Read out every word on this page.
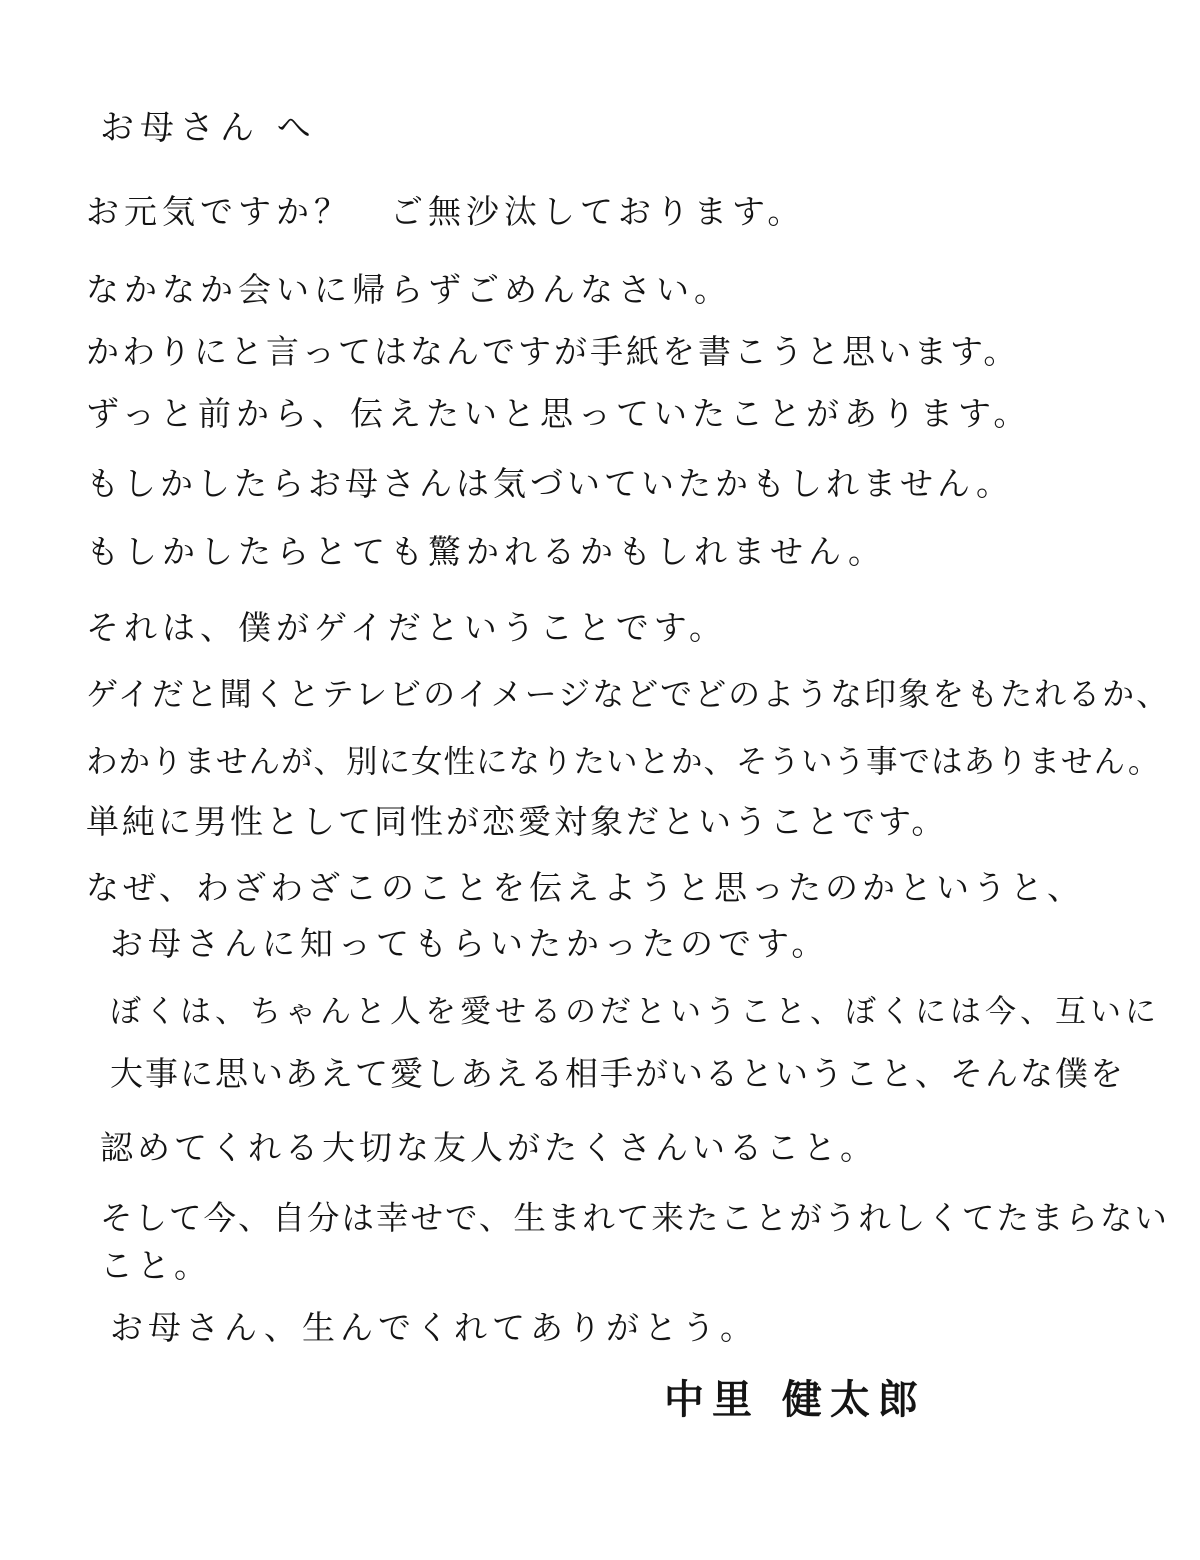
お母さん へ
お元気ですか？　ご無沙汰しております。
なかなか会いに帰らずごめんなさい。
かわりにと言ってはなんですが手紙を書こうと思います。
ずっと前から、伝えたいと思っていたことがあります。
もしかしたらお母さんは気づいていたかもしれません。
もしかしたらとても驚かれるかもしれません。
それは、僕がゲイだということです。
ゲイだと聞くとテレビのイメージなどでどのような印象をもたれるか、
わかりませんが、別に女性になりたいとか、そういう事ではありません。
単純に男性として同性が恋愛対象だということです。
なぜ、わざわざこのことを伝えようと思ったのかというと、
お母さんに知ってもらいたかったのです。
ぼくは、ちゃんと人を愛せるのだということ、ぼくには今、互いに
大事に思いあえて愛しあえる相手がいるということ、そんな僕を
認めてくれる大切な友人がたくさんいること。
そして今、自分は幸せで、生まれて来たことがうれしくてたまらない
こと。
お母さん、生んでくれてありがとう。
中里 健太郎
